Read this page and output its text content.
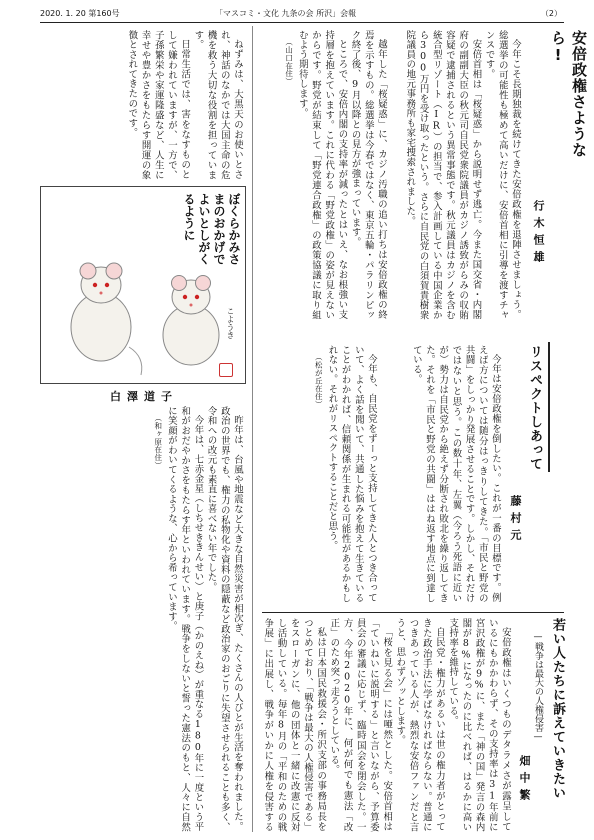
2020. 1. 20 第160号	「マスコミ・文化 九条の会 所沢」会報	（2）
安倍政権さようなら!
行木恒雄

今年こそ長期独裁を続けてきた安倍政権を退陣させましょう。総選挙の可能性も極めて高いだけに、安倍首相に引導を渡すチャンスです。

安倍首相は「桜疑惑」から説明せず逃亡。今また国交省・内閣府の副副大臣の秋元司自民党衆院議員がカジノ誘致がらみの収賄容疑で逮捕されるという異常事態です。秋元議員はカジノを含む統合型リゾート（IR）の担当で、参入計画している中国企業から300万円を受け取ったという。さらに自民党の白須賀貴樹衆院議員の地元事務所も家宅捜索されました。

越年した「桜疑惑」に、カジノ汚職の追い打ちは安倍政権の終焉を示すもの。総選挙は今春ではなく、東京五輪・パラリンピック終了後、9月以降との見方が強まっています。

ところで、安倍内閣の支持率が減ったとはいえ、なお根強い支持層を抱えています。これに代わる「野党政権」の姿が見えないからです。野党が結束して「野党連合政権」の政策協議に取り組むよう期待します。

（山口在住）

リスペクトしあって
藤村元

今年は安倍政権を倒したい。これが一番の目標です。例えば方については随分はっきりしてきた。「市民と野党の共闘」をしっかり発展させることです。しかし、それだけではないと思う。この数十年、左翼（今ろう死語に近いが）勢力は自民党から絶えず分断され敗北を繰り返してきた。それを「市民と野党の共闘」ははね返す地点に到達している。

今年も、自民党をずーっと支持してきた人とつき合っていて、よく話を聞いて、共通した悩みを抱えて生きていることがわかれば、信頼関係が生まれる可能性があるかもしれない。それがリスペクトすることだと思う。

（松が丘在住）

若い人たちに訴えていきたい
—戦争は最大の人権侵害—
畑中繁

安倍政権はいくつものデタラメさが露呈しているにもかかわらず、その支持率は31年前に宮沢政権が9%に、また「神の国」発言の森内閣が8%になったのに比べれば、はるかに高い支持率を維持している。

自民党・権力があるいは世の権力者がとってきた政治手法に学ばなければならない。普通につきあっている人が、熱烈な安倍ファンだと言うと、思わずゾッとします。

「桜を見る会」には唖然とした。安倍首相は「ていねいに説明する」と言いながら、予算委員会の審議に応じず、臨時国会を閉会した。一方、今年2020年に、何が何でも憲法「改正」のため突っ走ろうとしている。

私は日本国民救援会・所沢支部の事務局長をつとめており、「戦争は最大の人権侵害である」をスローガンに、他の団体と一緒に改憲に反対し活動している。毎年8月の「平和のための戦争展」に出展し、戦争がいかに人権を侵害する

ねずみは、大黒天のお使いとされ、神話のなかでは大国主命の危機を救う大切な役割を担っています。

日常生活では、害をなすものとして嫌われていますが、一方で、子孫繁栄や家運隆盛など、人生に幸せや豊かさをもたらす開運の象徴とされてきたのです。

ぼくらかみさまのおかげでよいとしがくるように
こようき
白澤道子

昨年は、台風や地震など大きな自然災害が相次ぎ、たくさんの人びとが生活を奪われました。政治の世界でも、権力の私物化や資料の隠蔽など政治家のおごりに失望させられることも多く、令和への改元も素直に喜べない年でした。

今年は、七赤金星（しちせききんせい）と庚子（かのえね）が重なる180年に一度という平和がおだやかさをもたらす年といわれています。戦争をしないと誓った憲法のもと、人々に自然に笑顔がわいてくるような、心から希っています。

（和ヶ原在住）
